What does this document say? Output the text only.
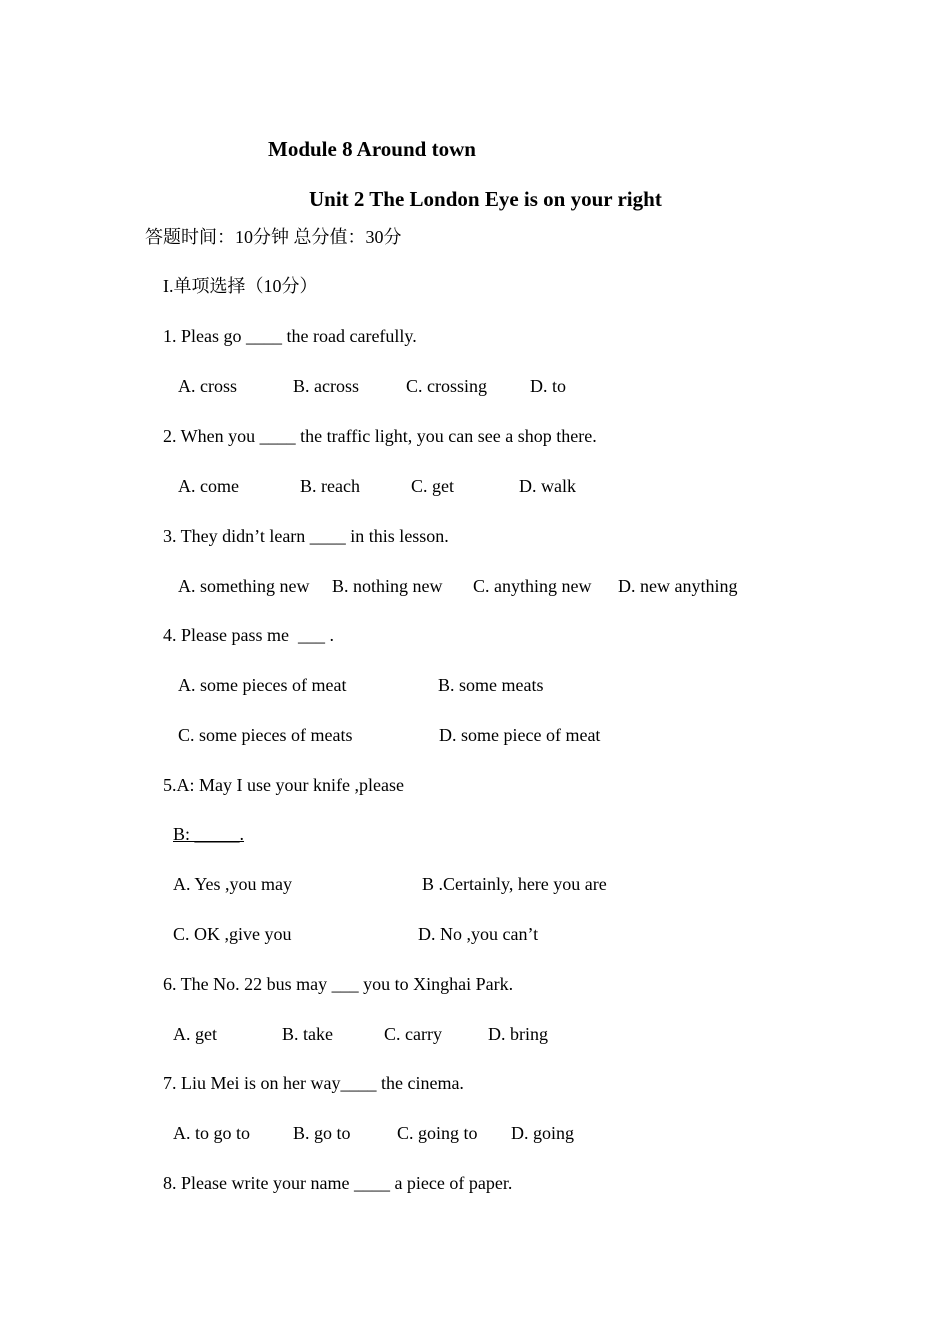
Module 8 Around town
Unit 2 The London Eye is on your right
答题时间：10分钟 总分值：30分
I.单项选择（10分）
1. Pleas go ____ the road carefully.
A. cross	B. across	C. crossing D. to
2. When you ____ the traffic light, you can see a shop there.
A. come	B. reach	C. get	D. walk
3. They didn’t learn ____ in this lesson.
A. something new B. nothing new C. anything new D. new anything
4. Please pass me  ___ .
A. some pieces of meat	B. some meats
C. some pieces of meats	D. some piece of meat
5.A: May I use your knife ,please
B: _____.
A. Yes ,you may	B .Certainly, here you are
C. OK ,give you	D. No ,you can’t
6. The No. 22 bus may ___ you to Xinghai Park.
A. get	B. take	C. carry	D. bring
7. Liu Mei is on her way____ the cinema.
A. to go to B. go to	C. going to D. going
8. Please write your name ____ a piece of paper.
